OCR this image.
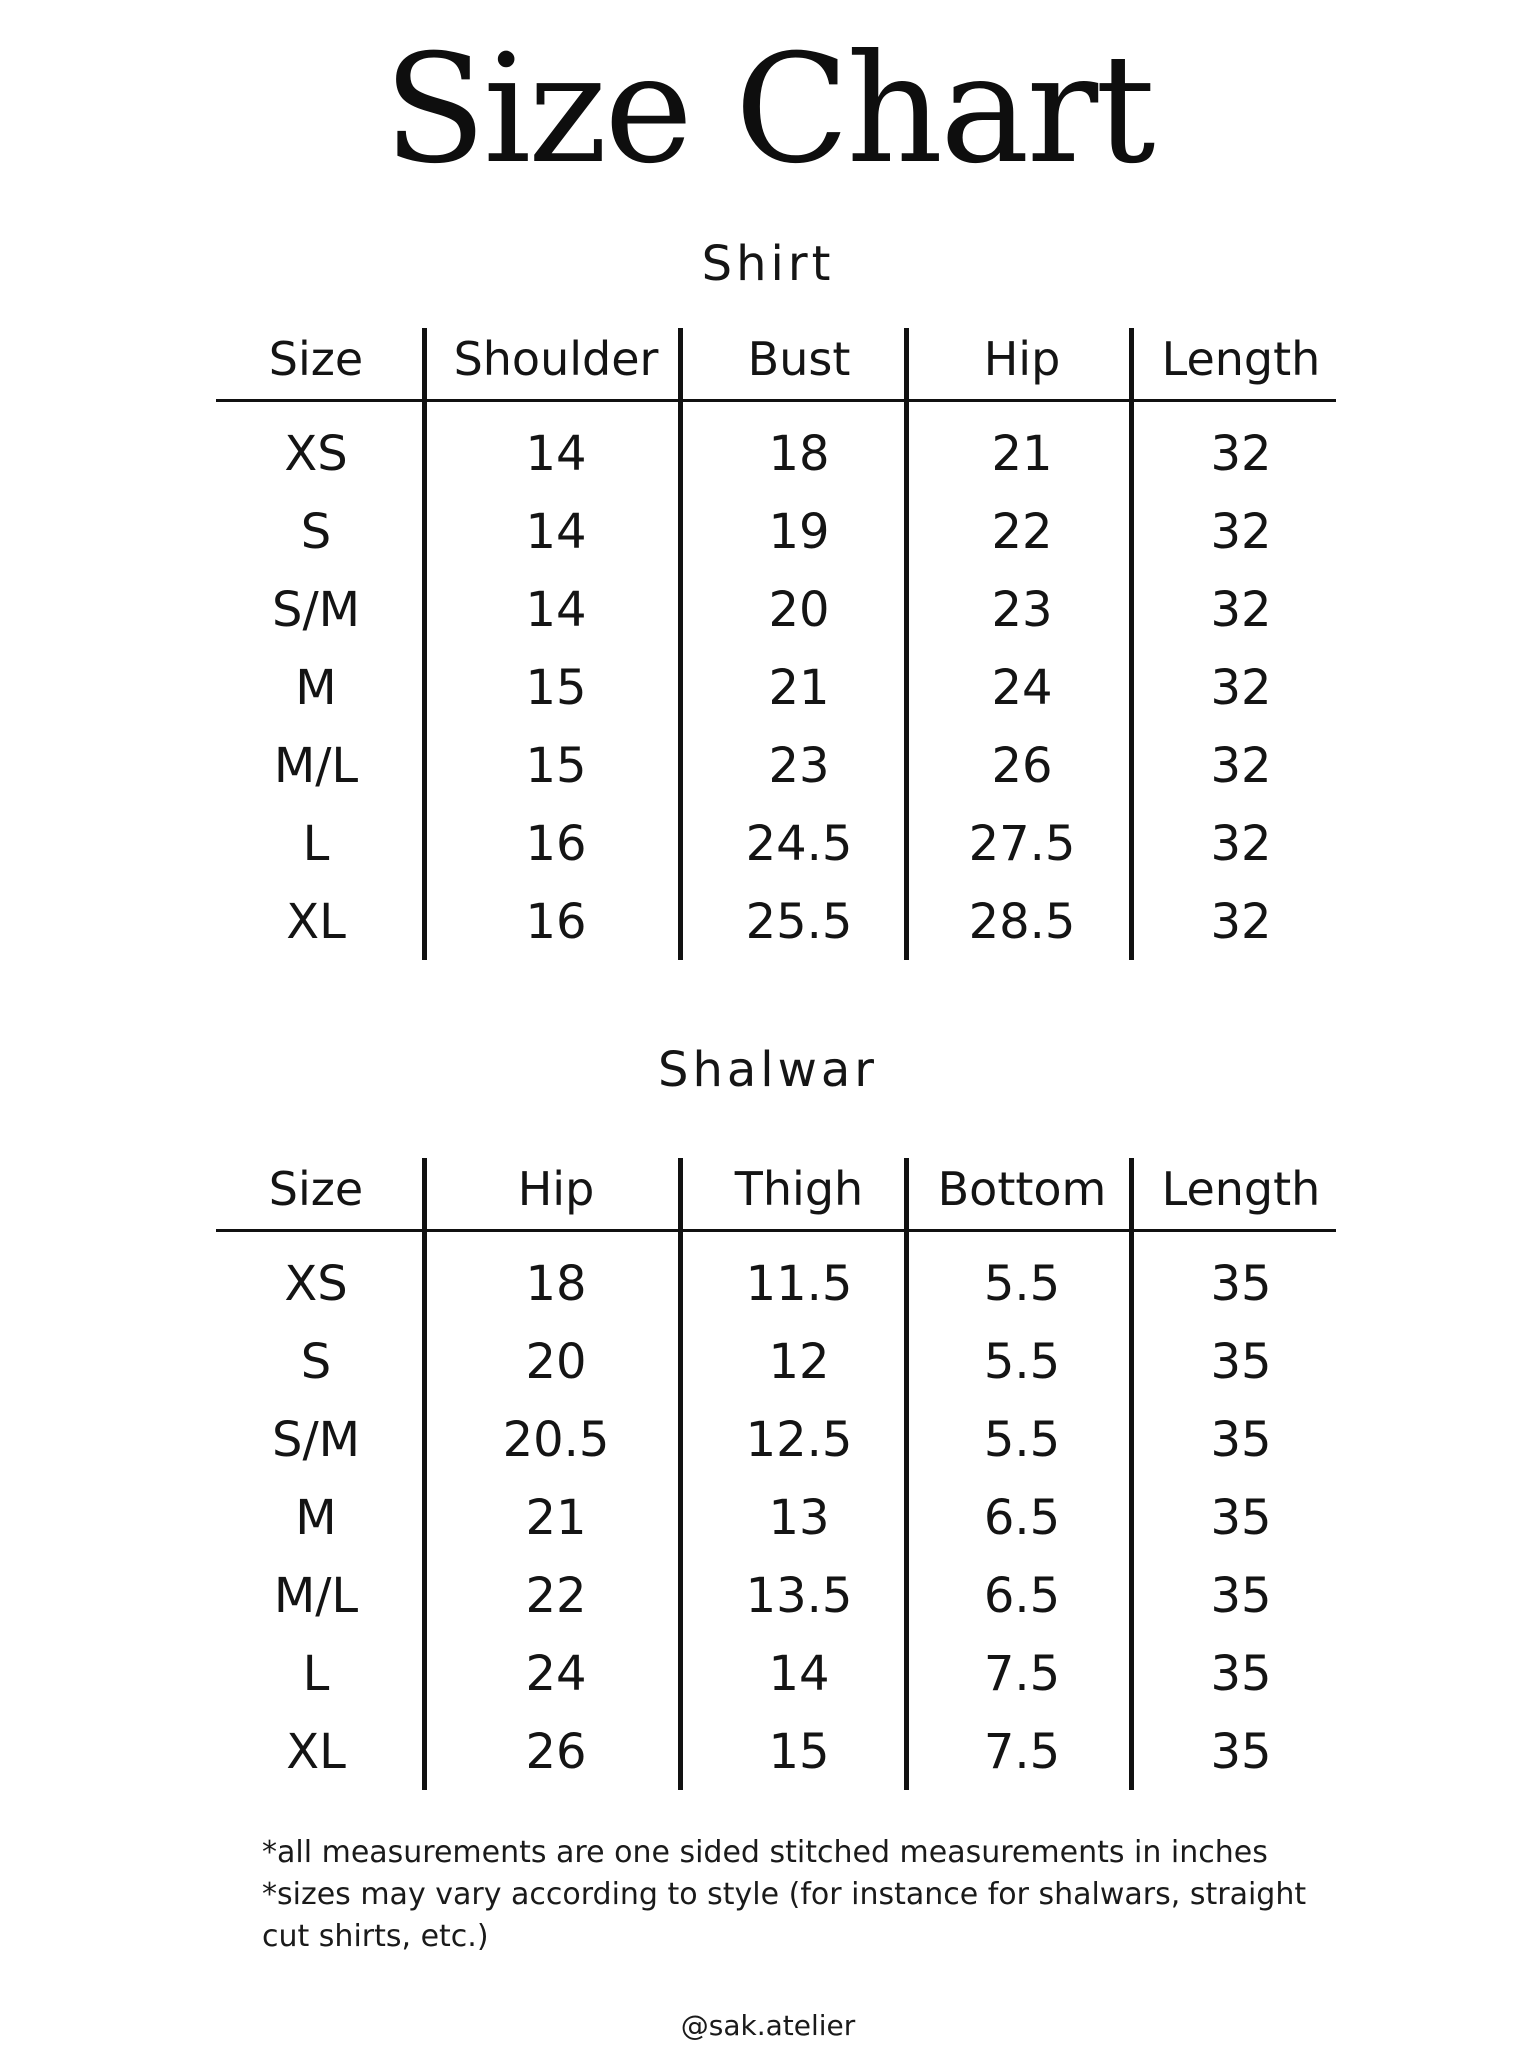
Size Chart
Shirt
Size	Shoulder	Bust	Hip	Length
XS	14	18	21	32
S	14	19	22	32
S/M	14	20	23	32
M	15	21	24	32
M/L	15	23	26	32
L	16	24.5	27.5	32
XL	16	25.5	28.5	32
Shalwar
Size	Hip	Thigh	Bottom	Length
XS	18	11.5	5.5	35
S	20	12	5.5	35
S/M	20.5	12.5	5.5	35
M	21	13	6.5	35
M/L	22	13.5	6.5	35
L	24	14	7.5	35
XL	26	15	7.5	35
*all measurements are one sided stitched measurements in inches
*sizes may vary according to style (for instance for shalwars, straight cut shirts, etc.)
@sak.atelier
